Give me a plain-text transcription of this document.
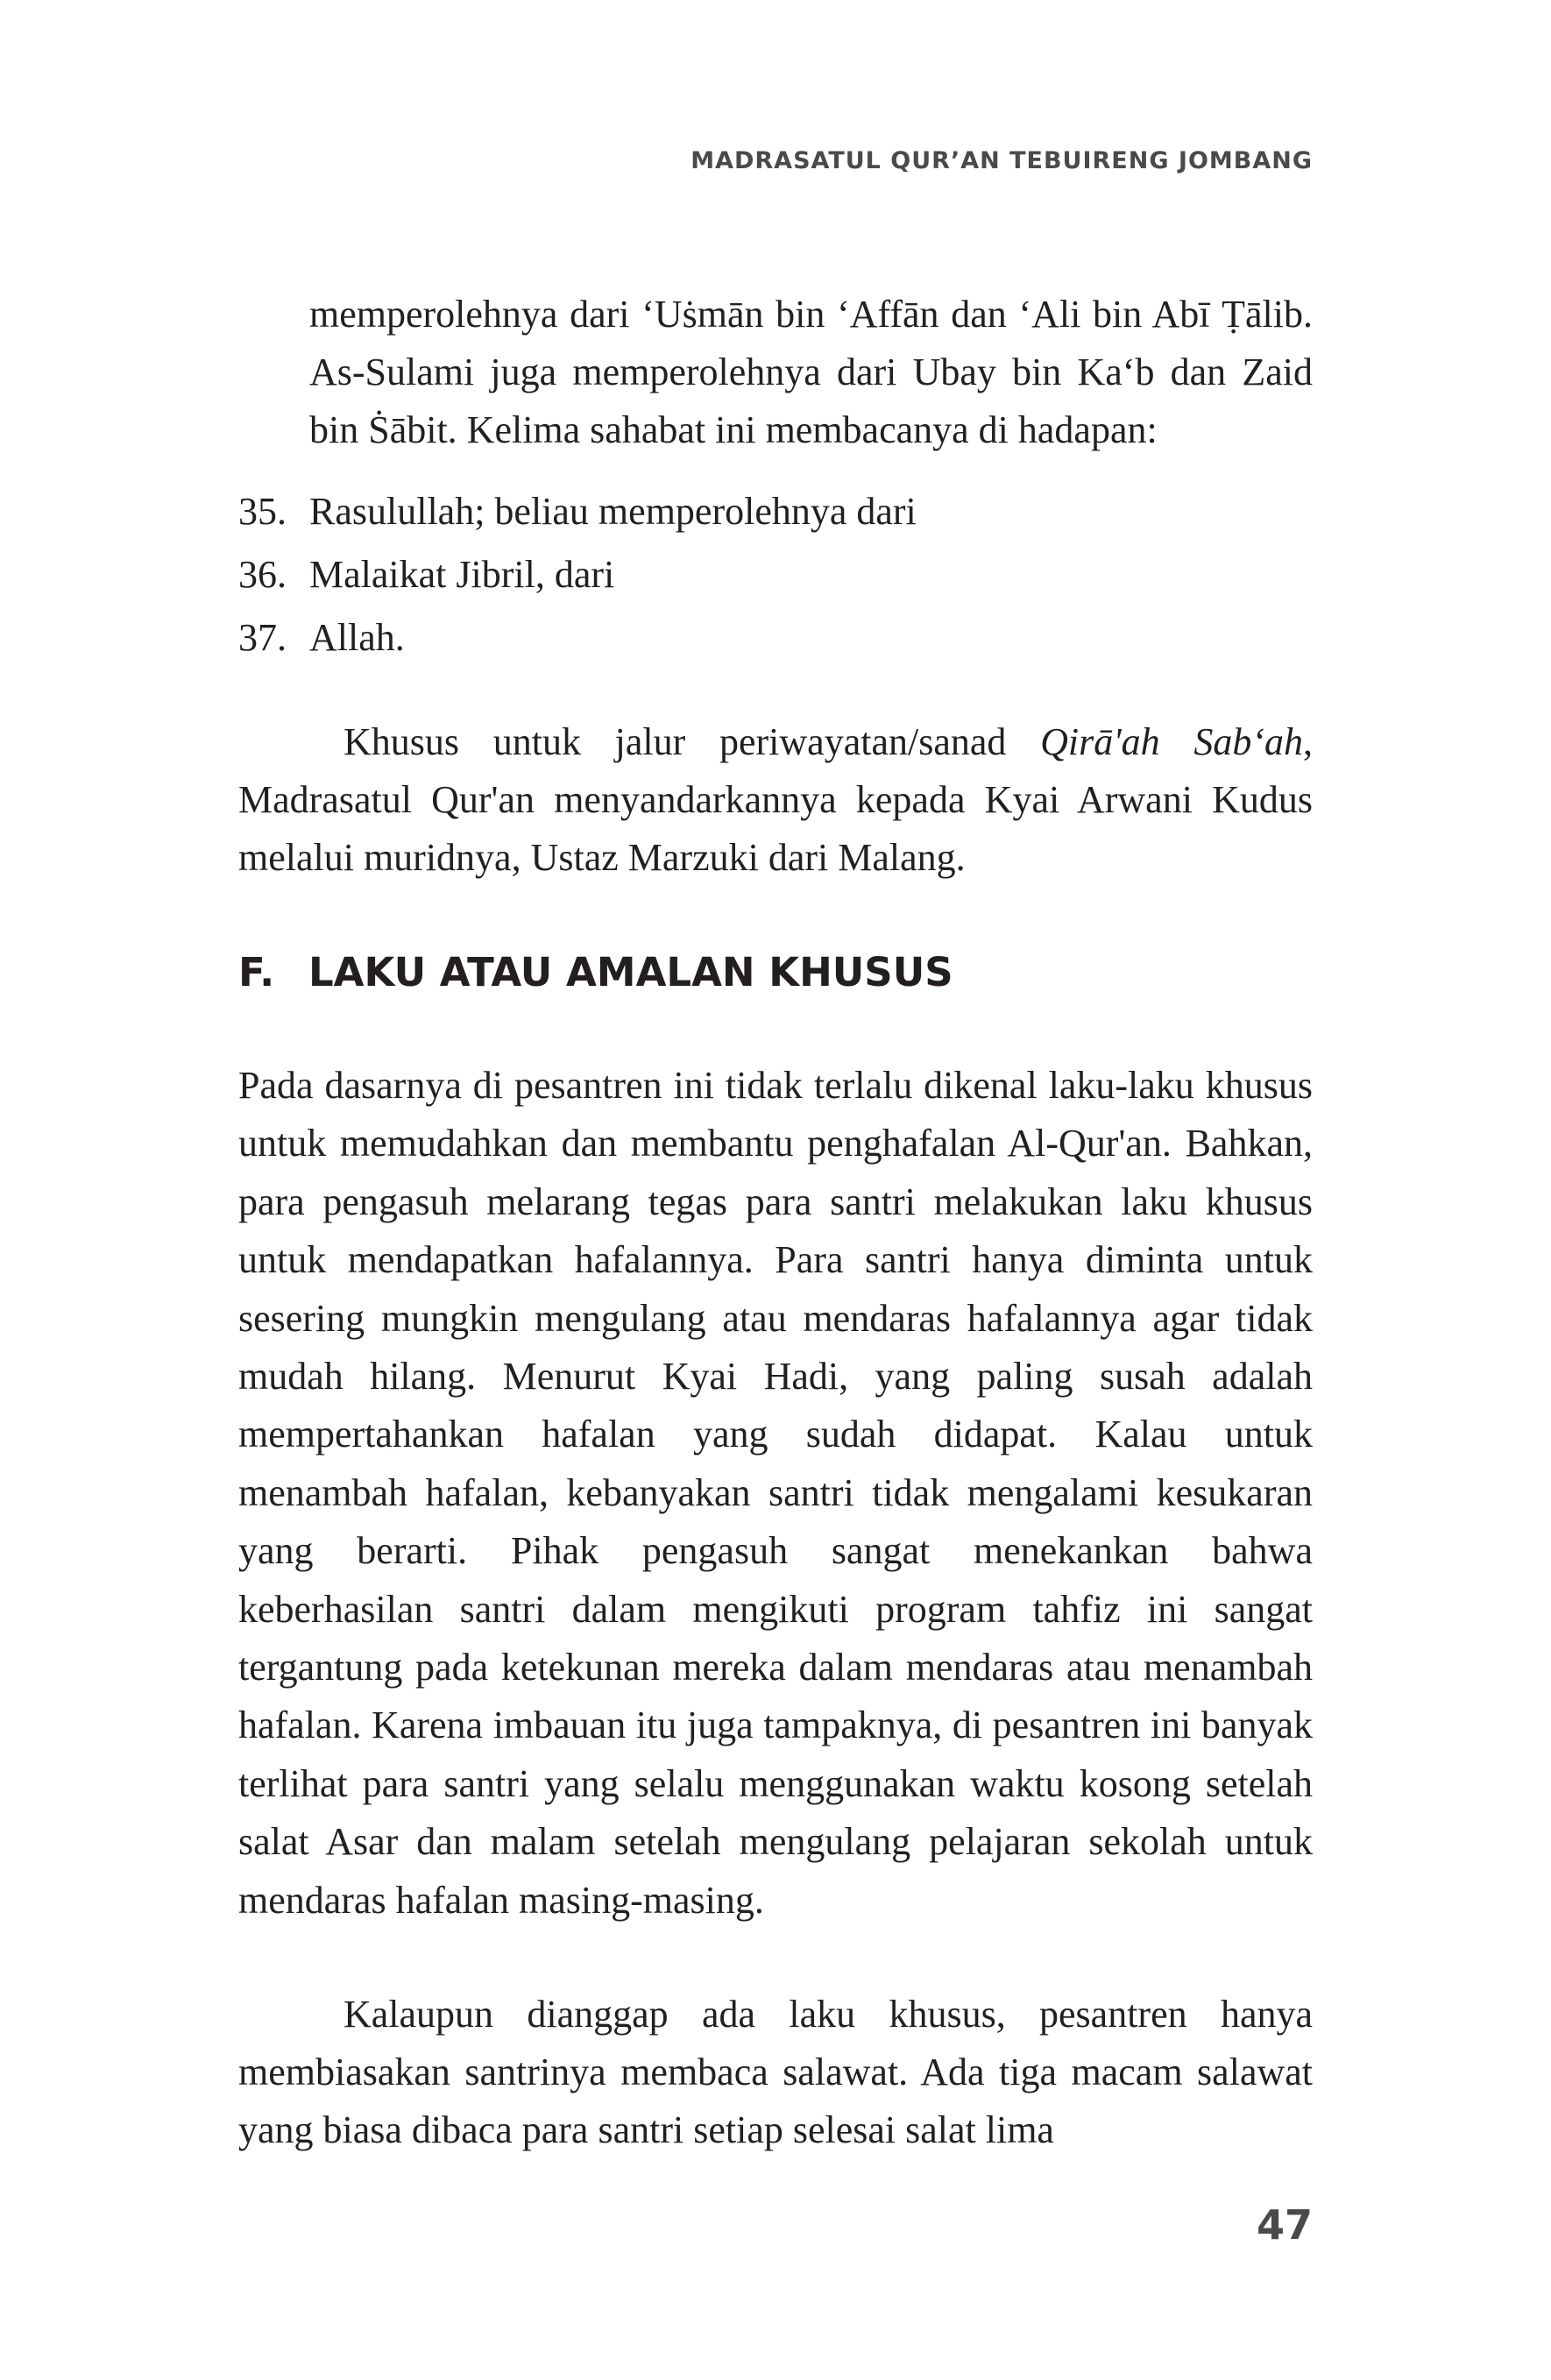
MADRASATUL QUR’AN TEBUIRENG JOMBANG

memperolehnya dari ‘Uṡmān bin ‘Affān dan ‘Ali bin Abī Ṭālib. As-Sulami juga memperolehnya dari Ubay bin Ka‘b dan Zaid bin Ṡābit. Kelima sahabat ini membacanya di hadapan:

35. Rasulullah; beliau memperolehnya dari
36. Malaikat Jibril, dari
37. Allah.

Khusus untuk jalur periwayatan/sanad Qirā'ah Sab‘ah, Madrasatul Qur'an menyandarkannya kepada Kyai Arwani Kudus melalui muridnya, Ustaz Marzuki dari Malang.

F. LAKU ATAU AMALAN KHUSUS

Pada dasarnya di pesantren ini tidak terlalu dikenal laku-laku khusus untuk memudahkan dan membantu penghafalan Al-Qur'an. Bahkan, para pengasuh melarang tegas para santri melakukan laku khusus untuk mendapatkan hafalannya. Para santri hanya diminta untuk sesering mungkin mengulang atau mendaras hafalannya agar tidak mudah hilang. Menurut Kyai Hadi, yang paling susah adalah mempertahankan hafalan yang sudah didapat. Kalau untuk menambah hafalan, kebanyakan santri tidak mengalami kesukaran yang berarti. Pihak pengasuh sangat menekankan bahwa keberhasilan santri dalam mengikuti program tahfiz ini sangat tergantung pada ketekunan mereka dalam mendaras atau menambah hafalan. Karena imbauan itu juga tampaknya, di pesantren ini banyak terlihat para santri yang selalu menggunakan waktu kosong setelah salat Asar dan malam setelah mengulang pelajaran sekolah untuk mendaras hafalan masing-masing.

Kalaupun dianggap ada laku khusus, pesantren hanya membiasakan santrinya membaca salawat. Ada tiga macam salawat yang biasa dibaca para santri setiap selesai salat lima

47
